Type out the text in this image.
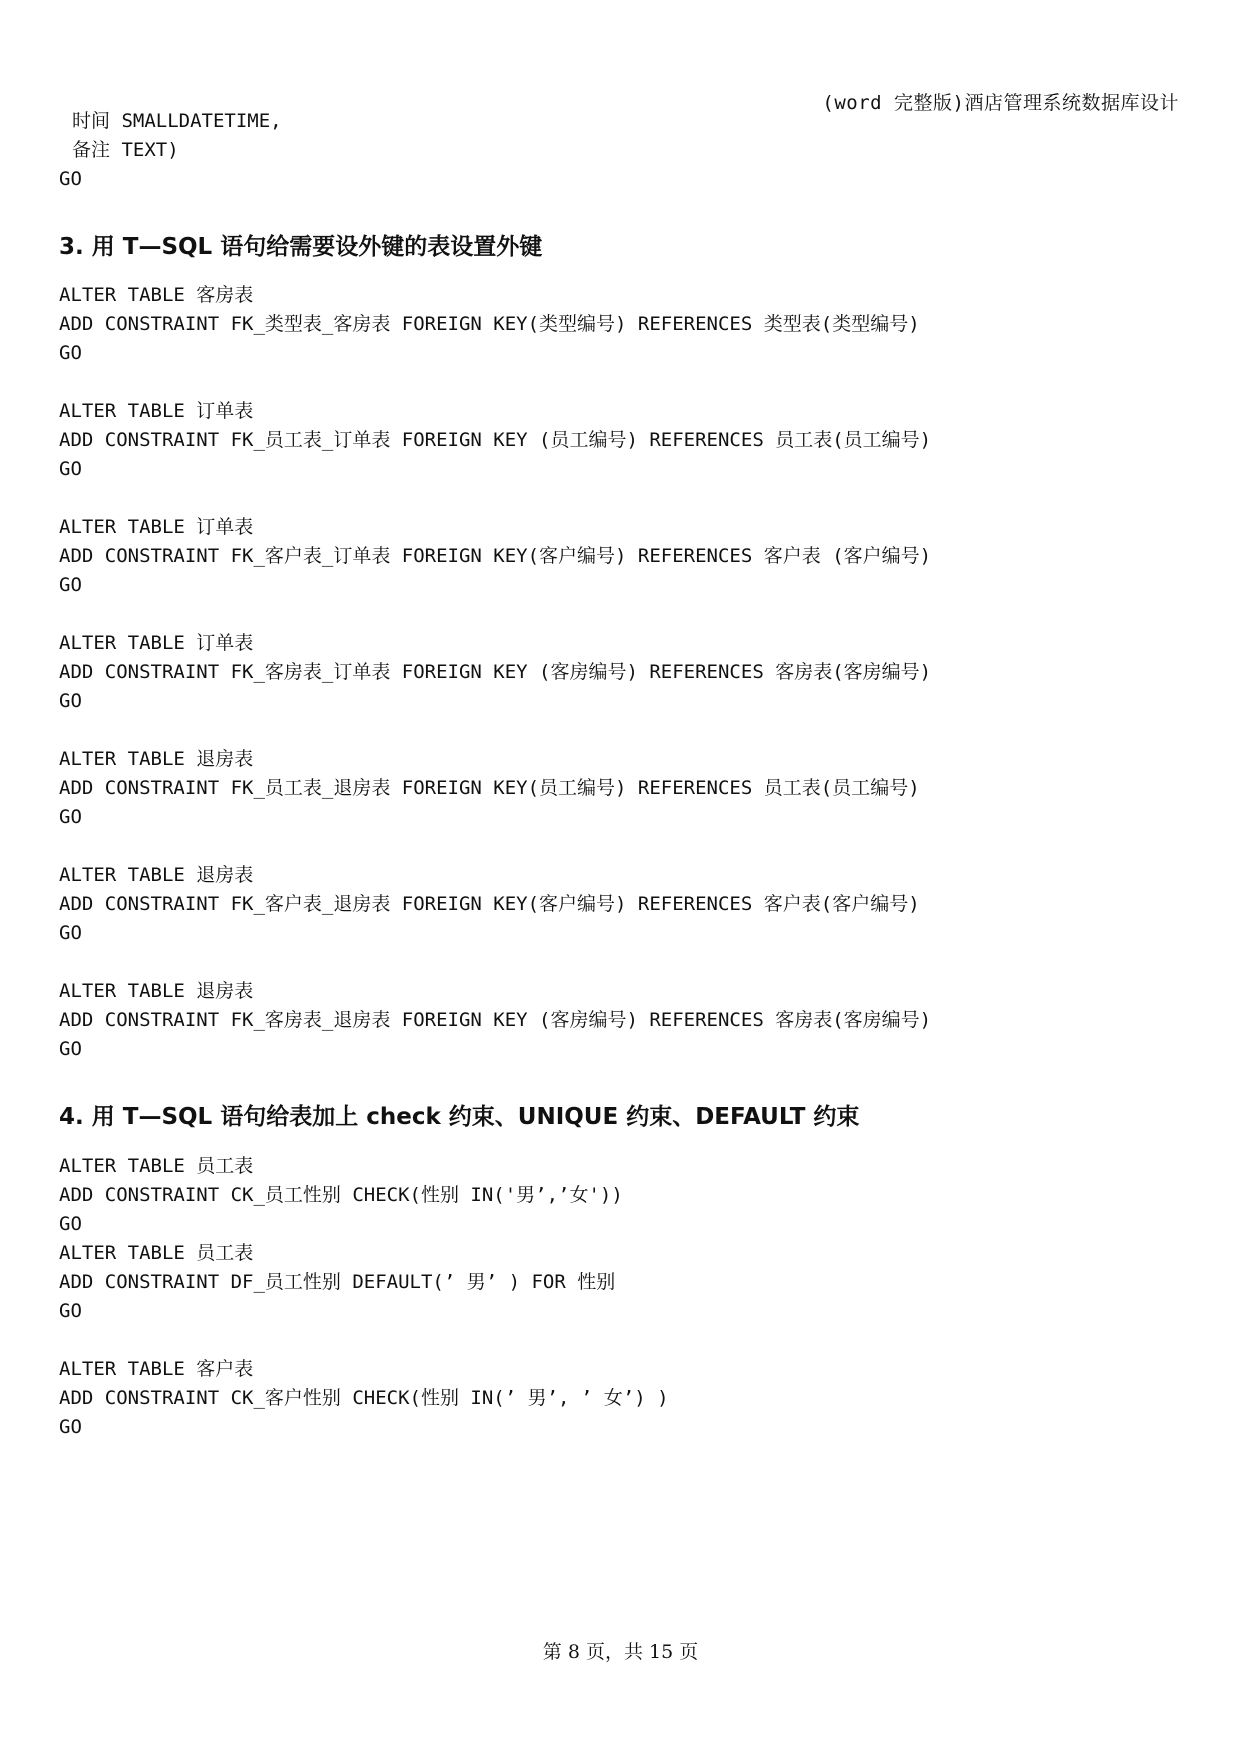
(word 完整版)酒店管理系统数据库设计
时间 SMALLDATETIME,
备注 TEXT)
GO
3. 用 T—SQL 语句给需要设外键的表设置外键
ALTER TABLE 客房表
ADD CONSTRAINT FK_类型表_客房表 FOREIGN KEY(类型编号) REFERENCES 类型表(类型编号)
GO
ALTER TABLE 订单表
ADD CONSTRAINT FK_员工表_订单表 FOREIGN KEY (员工编号) REFERENCES 员工表(员工编号)
GO
ALTER TABLE 订单表
ADD CONSTRAINT FK_客户表_订单表 FOREIGN KEY(客户编号) REFERENCES 客户表 (客户编号)
GO
ALTER TABLE 订单表
ADD CONSTRAINT FK_客房表_订单表 FOREIGN KEY (客房编号) REFERENCES 客房表(客房编号)
GO
ALTER TABLE 退房表
ADD CONSTRAINT FK_员工表_退房表 FOREIGN KEY(员工编号) REFERENCES 员工表(员工编号)
GO
ALTER TABLE 退房表
ADD CONSTRAINT FK_客户表_退房表 FOREIGN KEY(客户编号) REFERENCES 客户表(客户编号)
GO
ALTER TABLE 退房表
ADD CONSTRAINT FK_客房表_退房表 FOREIGN KEY (客房编号) REFERENCES 客房表(客房编号)
GO
4. 用 T—SQL 语句给表加上 check 约束、UNIQUE 约束、DEFAULT 约束
ALTER TABLE 员工表
ADD CONSTRAINT CK_员工性别 CHECK(性别 IN('男’,’女'))
GO
ALTER TABLE 员工表
ADD CONSTRAINT DF_员工性别 DEFAULT(’ 男’ ) FOR 性别
GO
ALTER TABLE 客户表
ADD CONSTRAINT CK_客户性别 CHECK(性别 IN(’ 男’, ’ 女’) )
GO
第 8 页，共 15 页
